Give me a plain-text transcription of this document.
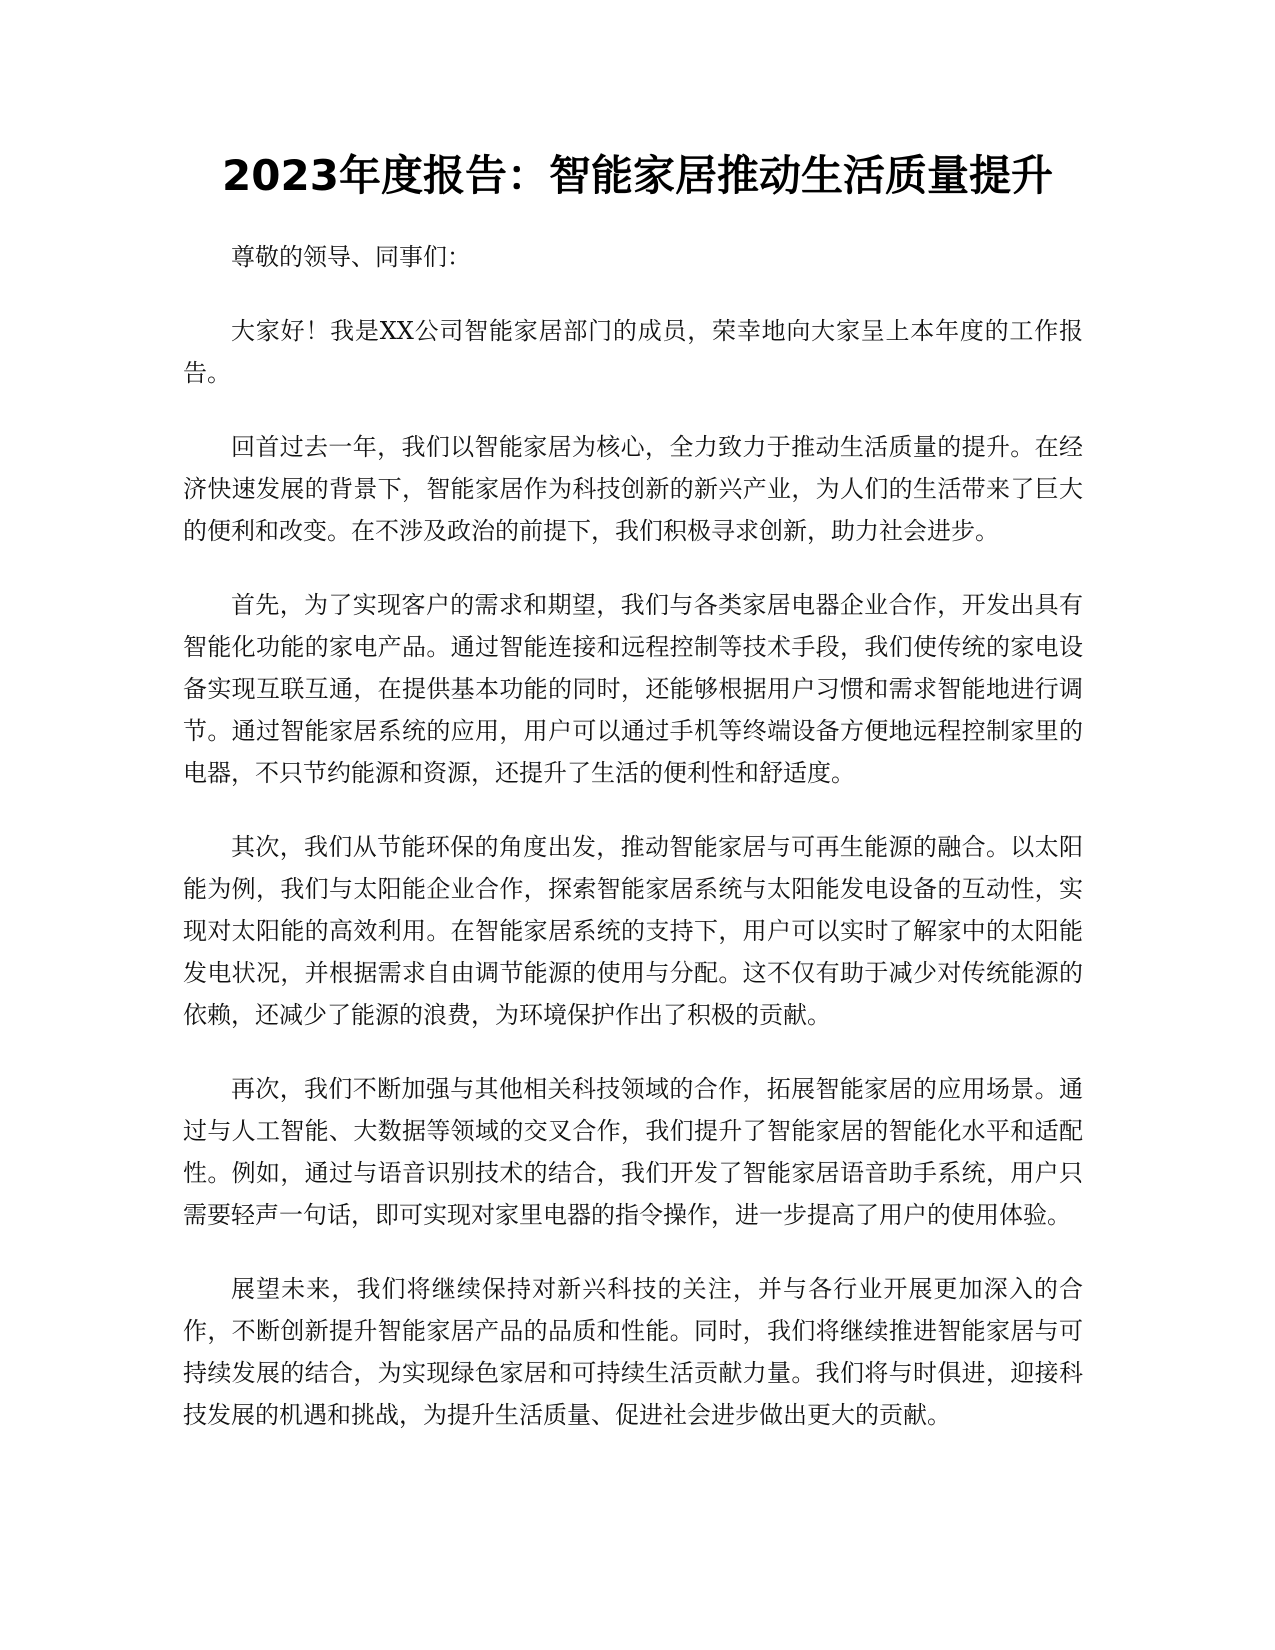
2023年度报告：智能家居推动生活质量提升

尊敬的领导、同事们：

大家好！我是XX公司智能家居部门的成员，荣幸地向大家呈上本年度的工作报告。

回首过去一年，我们以智能家居为核心，全力致力于推动生活质量的提升。在经济快速发展的背景下，智能家居作为科技创新的新兴产业，为人们的生活带来了巨大的便利和改变。在不涉及政治的前提下，我们积极寻求创新，助力社会进步。

首先，为了实现客户的需求和期望，我们与各类家居电器企业合作，开发出具有智能化功能的家电产品。通过智能连接和远程控制等技术手段，我们使传统的家电设备实现互联互通，在提供基本功能的同时，还能够根据用户习惯和需求智能地进行调节。通过智能家居系统的应用，用户可以通过手机等终端设备方便地远程控制家里的电器，不只节约能源和资源，还提升了生活的便利性和舒适度。

其次，我们从节能环保的角度出发，推动智能家居与可再生能源的融合。以太阳能为例，我们与太阳能企业合作，探索智能家居系统与太阳能发电设备的互动性，实现对太阳能的高效利用。在智能家居系统的支持下，用户可以实时了解家中的太阳能发电状况，并根据需求自由调节能源的使用与分配。这不仅有助于减少对传统能源的依赖，还减少了能源的浪费，为环境保护作出了积极的贡献。

再次，我们不断加强与其他相关科技领域的合作，拓展智能家居的应用场景。通过与人工智能、大数据等领域的交叉合作，我们提升了智能家居的智能化水平和适配性。例如，通过与语音识别技术的结合，我们开发了智能家居语音助手系统，用户只需要轻声一句话，即可实现对家里电器的指令操作，进一步提高了用户的使用体验。

展望未来，我们将继续保持对新兴科技的关注，并与各行业开展更加深入的合作，不断创新提升智能家居产品的品质和性能。同时，我们将继续推进智能家居与可持续发展的结合，为实现绿色家居和可持续生活贡献力量。我们将与时俱进，迎接科技发展的机遇和挑战，为提升生活质量、促进社会进步做出更大的贡献。
